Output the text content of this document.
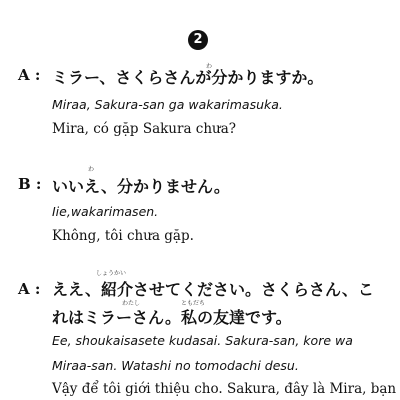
2
A :	わ
ミラー、さくらさんが分かりますか。
Miraa, Sakura-san ga wakarimasuka.
Mira, có gặp Sakura chưa?
B :
わ
いいえ、分かりません。
Iie,wakarimasen.
Không, tôi chưa gặp.
A :
しょうかい
ええ、紹介させてください。さくらさん、こ
わたし	ともだち
れはミラーさん。私の友達です。
Ee, shoukaisasete kudasai. Sakura-san, kore wa
Miraa-san. Watashi no tomodachi desu.
Vậy để tôi giới thiệu cho. Sakura, đây là Mira, bạn
